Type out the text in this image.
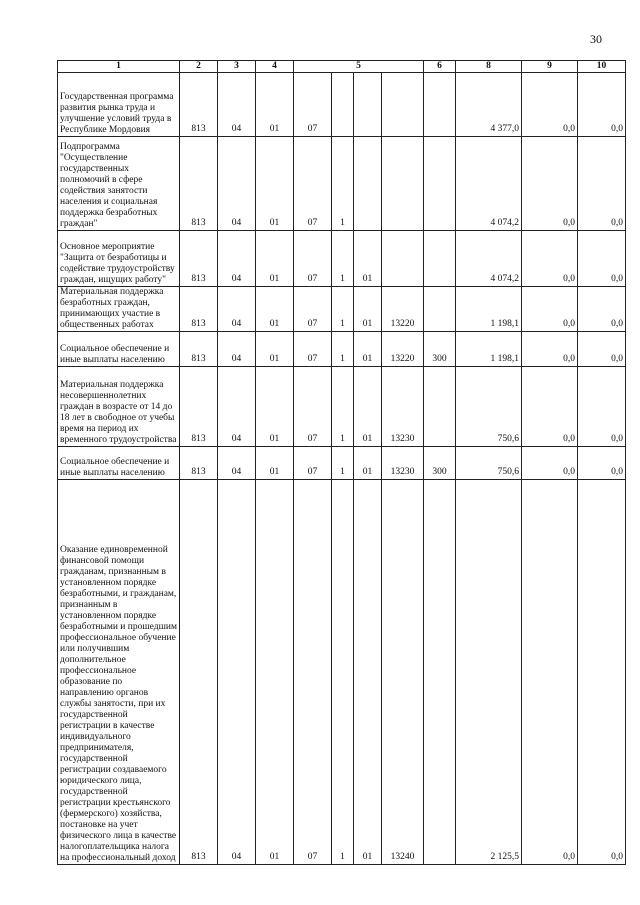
30
1	2	3	4	5				6	8	9	10
Государственная программа развития рынка труда и улучшение условий труда в Республике Мордовия	813	04	01	07					4 377,0	0,0	0,0
Подпрограмма "Осуществление государственных полномочий в сфере содействия занятости населения и социальная поддержка безработных граждан"	813	04	01	07	1				4 074,2	0,0	0,0
Основное мероприятие "Защита от безработицы и содействие трудоустройству граждан, ищущих работу"	813	04	01	07	1	01			4 074,2	0,0	0,0
Материальная поддержка безработных граждан, принимающих участие в общественных работах	813	04	01	07	1	01	13220		1 198,1	0,0	0,0
Социальное обеспечение и иные выплаты населению	813	04	01	07	1	01	13220	300	1 198,1	0,0	0,0
Материальная поддержка несовершеннолетних граждан в возрасте от 14 до 18 лет в свободное от учебы время на период их временного трудоустройства	813	04	01	07	1	01	13230		750,6	0,0	0,0
Социальное обеспечение и иные выплаты населению	813	04	01	07	1	01	13230	300	750,6	0,0	0,0
Оказание единовременной финансовой помощи гражданам, признанным в установленном порядке безработными, и гражданам, признанным в установленном порядке безработными и прошедшим профессиональное обучение или получившим дополнительное профессиональное образование по направлению органов службы занятости, при их государственной регистрации в качестве индивидуального предпринимателя, государственной регистрации создаваемого юридического лица, государственной регистрации крестьянского (фермерского) хозяйства, постановке на учет физического лица в качестве налогоплательщика налога на профессиональный доход	813	04	01	07	1	01	13240		2 125,5	0,0	0,0
